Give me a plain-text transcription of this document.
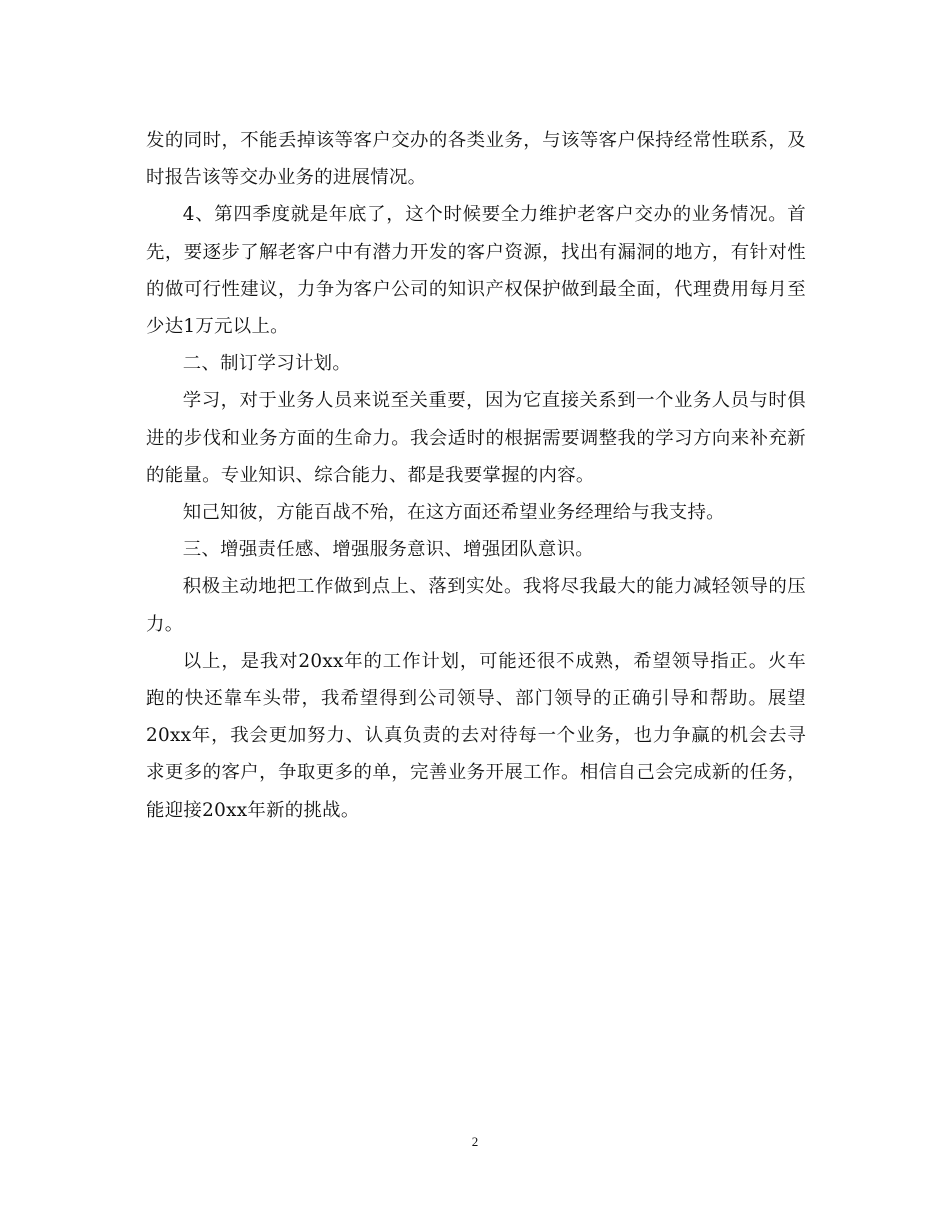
发的同时，不能丢掉该等客户交办的各类业务，与该等客户保持经常性联系，及时报告该等交办业务的进展情况。

4、第四季度就是年底了，这个时候要全力维护老客户交办的业务情况。首先，要逐步了解老客户中有潜力开发的客户资源，找出有漏洞的地方，有针对性的做可行性建议，力争为客户公司的知识产权保护做到最全面，代理费用每月至少达1万元以上。

二、制订学习计划。

学习，对于业务人员来说至关重要，因为它直接关系到一个业务人员与时俱进的步伐和业务方面的生命力。我会适时的根据需要调整我的学习方向来补充新的能量。专业知识、综合能力、都是我要掌握的内容。

知己知彼，方能百战不殆，在这方面还希望业务经理给与我支持。

三、增强责任感、增强服务意识、增强团队意识。

积极主动地把工作做到点上、落到实处。我将尽我最大的能力减轻领导的压力。

以上，是我对20xx年的工作计划，可能还很不成熟，希望领导指正。火车跑的快还靠车头带，我希望得到公司领导、部门领导的正确引导和帮助。展望20xx年，我会更加努力、认真负责的去对待每一个业务，也力争赢的机会去寻求更多的客户，争取更多的单，完善业务开展工作。相信自己会完成新的任务，能迎接20xx年新的挑战。

2
